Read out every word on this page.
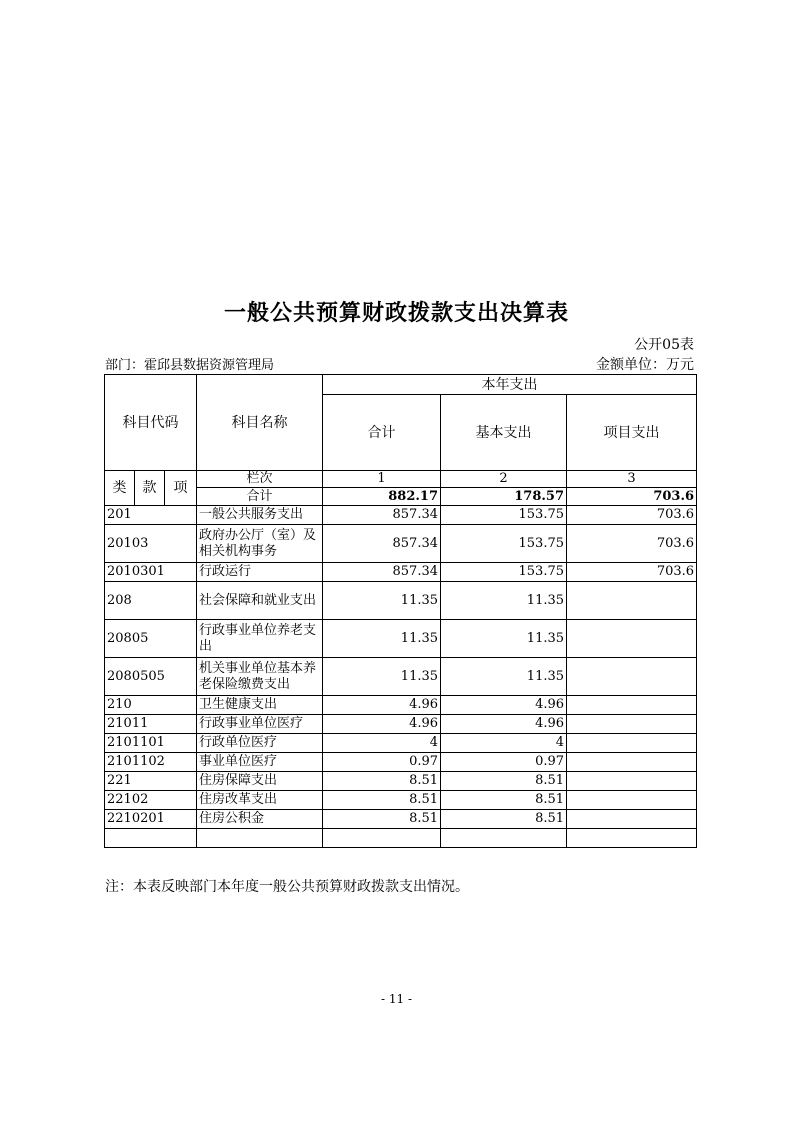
一般公共预算财政拨款支出决算表
公开05表
部门：霍邱县数据资源管理局	金额单位：万元
科目代码			科目名称	本年支出		
				合计	基本支出	项目支出
类	款	项	栏次	1	2	3
			合计	882.17	178.57	703.6
201			一般公共服务支出	857.34	153.75	703.6
20103			政府办公厅（室）及相关机构事务	857.34	153.75	703.6
2010301			行政运行	857.34	153.75	703.6
208			社会保障和就业支出	11.35	11.35	
20805			行政事业单位养老支出	11.35	11.35	
2080505			机关事业单位基本养老保险缴费支出	11.35	11.35	
210			卫生健康支出	4.96	4.96	
21011			行政事业单位医疗	4.96	4.96	
2101101			行政单位医疗	4	4	
2101102			事业单位医疗	0.97	0.97	
221			住房保障支出	8.51	8.51	
22102			住房改革支出	8.51	8.51	
2210201			住房公积金	8.51	8.51	

注：本表反映部门本年度一般公共预算财政拨款支出情况。
- 11 -
